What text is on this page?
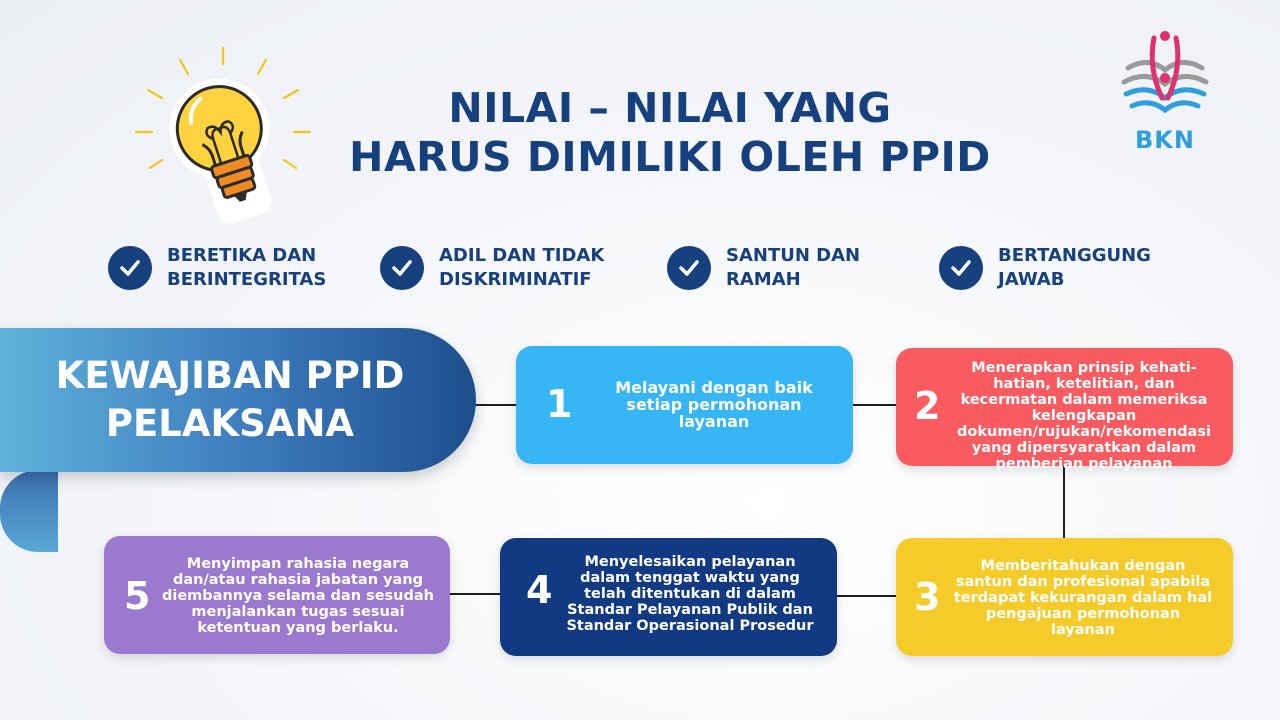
NILAI – NILAI YANG
HARUS DIMILIKI OLEH PPID	BKN
BERETIKA DAN
BERINTEGRITAS
ADIL DAN TIDAK
DISKRIMINATIF
SANTUN DAN
RAMAH
BERTANGGUNG
JAWAB
KEWAJIBAN PPID
PELAKSANA	1	Melayani dengan baik setiap permohonan layanan	2
Menerapkan prinsip kehati-hatian, ketelitian, dan kecermatan dalam memeriksa kelengkapan dokumen/rujukan/rekomendasi yang dipersyaratkan dalam pemberian pelayanan
3
Memberitahukan dengan santun dan profesional apabila terdapat kekurangan dalam hal pengajuan permohonan layanan
4
Menyelesaikan pelayanan dalam tenggat waktu yang telah ditentukan di dalam Standar Pelayanan Publik dan Standar Operasional Prosedur
5
Menyimpan rahasia negara dan/atau rahasia jabatan yang diembannya selama dan sesudah menjalankan tugas sesuai ketentuan yang berlaku.
